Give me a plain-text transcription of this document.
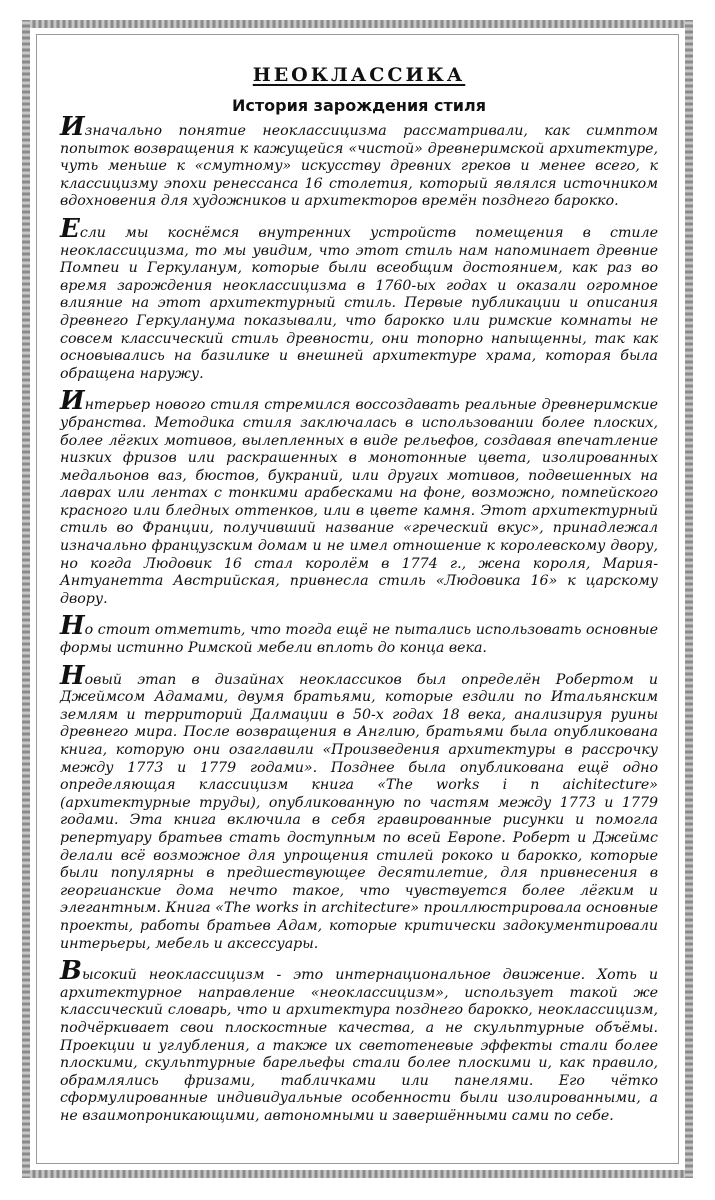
НЕОКЛАССИКА
История зарождения стиля

Изначально понятие неоклассицизма рассматривали, как симптом попыток возвращения к кажущейся «чистой» древнеримской архитектуре, чуть меньше к «смутному» искусству древних греков и менее всего, к классицизму эпохи ренессанса 16 столетия, который являлся источником вдохновения для художников и архитекторов времён позднего барокко.

Если мы коснёмся внутренних устройств помещения в стиле неоклассицизма, то мы увидим, что этот стиль нам напоминает древние Помпеи и Геркуланум, которые были всеобщим достоянием, как раз во время зарождения неоклассицизма в 1760-ых годах и оказали огромное влияние на этот архитектурный стиль. Первые публикации и описания древнего Геркуланума показывали, что барокко или римские комнаты не совсем классический стиль древности, они топорно напыщенны, так как основывались на базилике и внешней архитектуре храма, которая была обращена наружу.

Интерьер нового стиля стремился воссоздавать реальные древнеримские убранства. Методика стиля заключалась в использовании более плоских, более лёгких мотивов, вылепленных в виде рельефов, создавая впечатление низких фризов или раскрашенных в монотонные цвета, изолированных медальонов ваз, бюстов, букраний, или других мотивов, подвешенных на лаврах или лентах с тонкими арабесками на фоне, возможно, помпейского красного или бледных оттенков, или в цвете камня. Этот архитектурный стиль во Франции, получивший название «греческий вкус», принадлежал изначально французским домам и не имел отношение к королевскому двору, но когда Людовик 16 стал королём в 1774 г., жена короля, Мария-Антуанетта Австрийская, привнесла стиль «Людовика 16» к царскому двору.

Но стоит отметить, что тогда ещё не пытались использовать основные формы истинно Римской мебели вплоть до конца века.

Новый этап в дизайнах неоклассиков был определён Робертом и Джеймсом Адамами, двумя братьями, которые ездили по Итальянским землям и территорий Далмации в 50-х годах 18 века, анализируя руины древнего мира. После возвращения в Англию, братьями была опубликована книга, которую они озаглавили «Произведения архитектуры в рассрочку между 1773 и 1779 годами». Позднее была опубликована ещё одно определяющая классицизм книга «The works i n aichitecture» (архитектурные труды), опубликованную по частям между 1773 и 1779 годами. Эта книга включила в себя гравированные рисунки и помогла репертуару братьев стать доступным по всей Европе. Роберт и Джеймс делали всё возможное для упрощения стилей рококо и барокко, которые были популярны в предшествующее десятилетие, для привнесения в георгианские дома нечто такое, что чувствуется более лёгким и элегантным. Книга «The works in architecture» проиллюстрировала основные проекты, работы братьев Адам, которые критически задокументировали интерьеры, мебель и аксессуары.

Высокий неоклассицизм - это интернациональное движение. Хоть и архитектурное направление «неоклассицизм», использует такой же классический словарь, что и архитектура позднего барокко, неоклассицизм, подчёркивает свои плоскостные качества, а не скульптурные объёмы. Проекции и углубления, а также их светотеневые эффекты стали более плоскими, скульптурные барельефы стали более плоскими и, как правило, обрамлялись фризами, табличками или панелями. Его чётко сформулированные индивидуальные особенности были изолированными, а не взаимопроникающими, автономными и завершёнными сами по себе.
